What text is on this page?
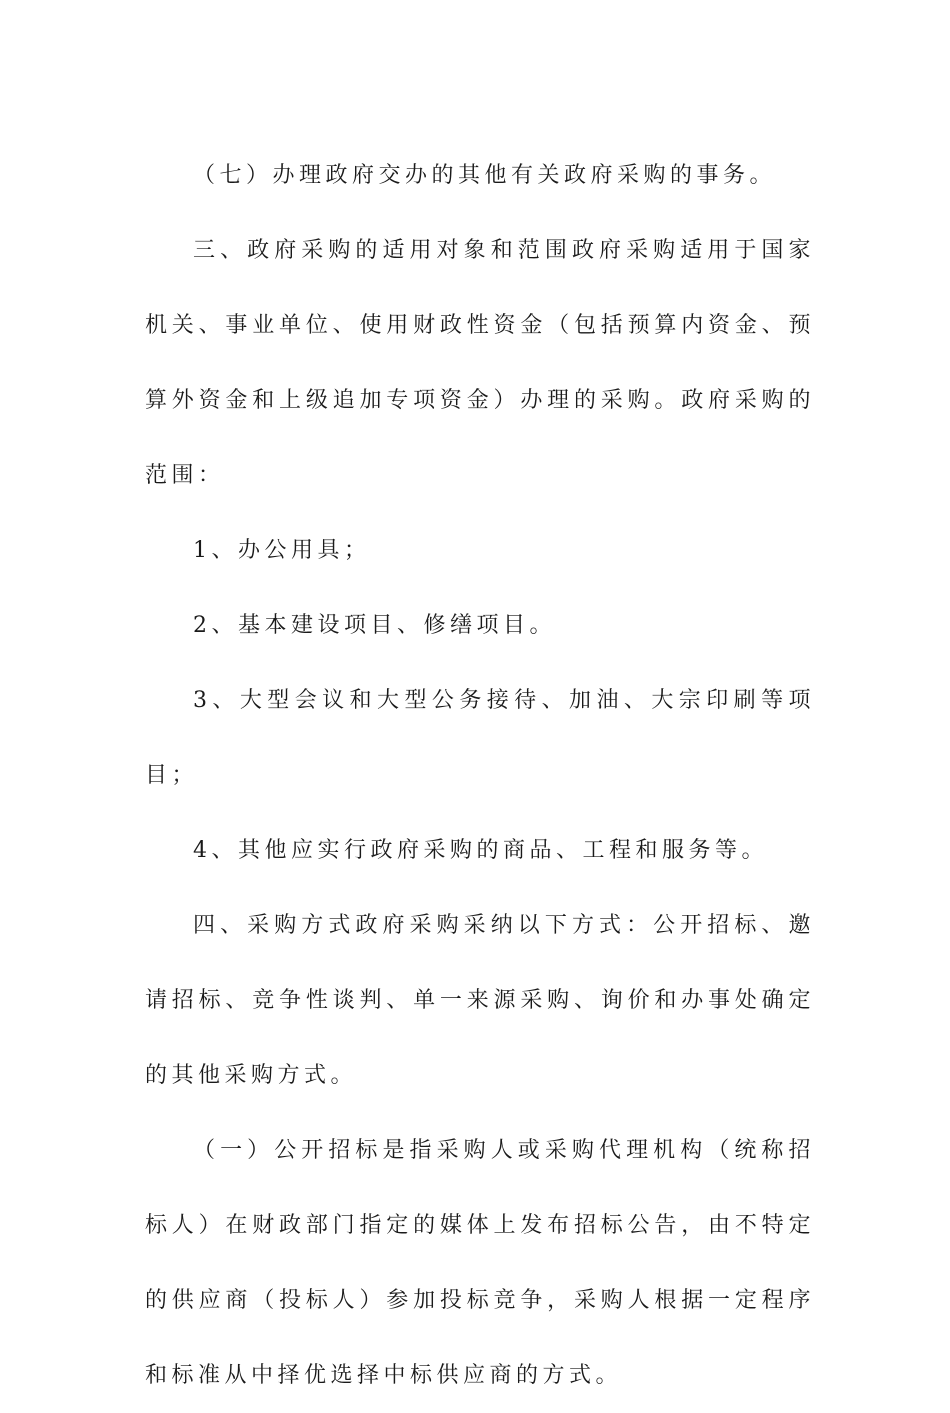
（七）办理政府交办的其他有关政府采购的事务。

三、政府采购的适用对象和范围政府采购适用于国家机关、事业单位、使用财政性资金（包括预算内资金、预算外资金和上级追加专项资金）办理的采购。政府采购的范围：

1、办公用具；

2、基本建设项目、修缮项目。

3、大型会议和大型公务接待、加油、大宗印刷等项目；

4、其他应实行政府采购的商品、工程和服务等。

四、采购方式政府采购采纳以下方式：公开招标、邀请招标、竞争性谈判、单一来源采购、询价和办事处确定的其他采购方式。

（一）公开招标是指采购人或采购代理机构（统称招标人）在财政部门指定的媒体上发布招标公告，由不特定的供应商（投标人）参加投标竞争，采购人根据一定程序和标准从中择优选择中标供应商的方式。
